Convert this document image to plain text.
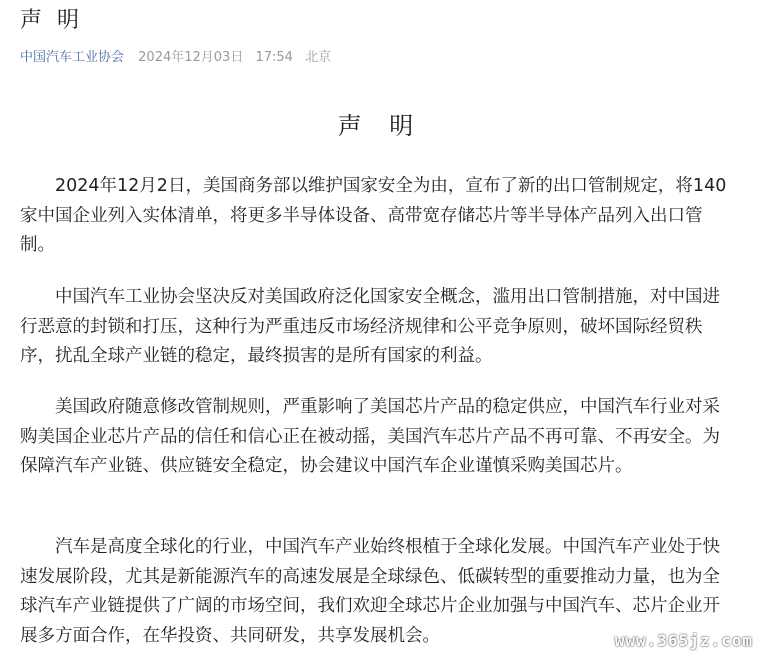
声 明
中国汽车工业协会 2024年12月03日 17:54 北京
声 明

2024年12月2日，美国商务部以维护国家安全为由，宣布了新的出口管制规定，将140家中国企业列入实体清单，将更多半导体设备、高带宽存储芯片等半导体产品列入出口管制。

中国汽车工业协会坚决反对美国政府泛化国家安全概念，滥用出口管制措施，对中国进行恶意的封锁和打压，这种行为严重违反市场经济规律和公平竞争原则，破坏国际经贸秩序，扰乱全球产业链的稳定，最终损害的是所有国家的利益。

美国政府随意修改管制规则，严重影响了美国芯片产品的稳定供应，中国汽车行业对采购美国企业芯片产品的信任和信心正在被动摇，美国汽车芯片产品不再可靠、不再安全。为保障汽车产业链、供应链安全稳定，协会建议中国汽车企业谨慎采购美国芯片。

汽车是高度全球化的行业，中国汽车产业始终根植于全球化发展。中国汽车产业处于快速发展阶段，尤其是新能源汽车的高速发展是全球绿色、低碳转型的重要推动力量，也为全球汽车产业链提供了广阔的市场空间，我们欢迎全球芯片企业加强与中国汽车、芯片企业开展多方面合作，在华投资、共同研发，共享发展机会。	www.365jz.com
